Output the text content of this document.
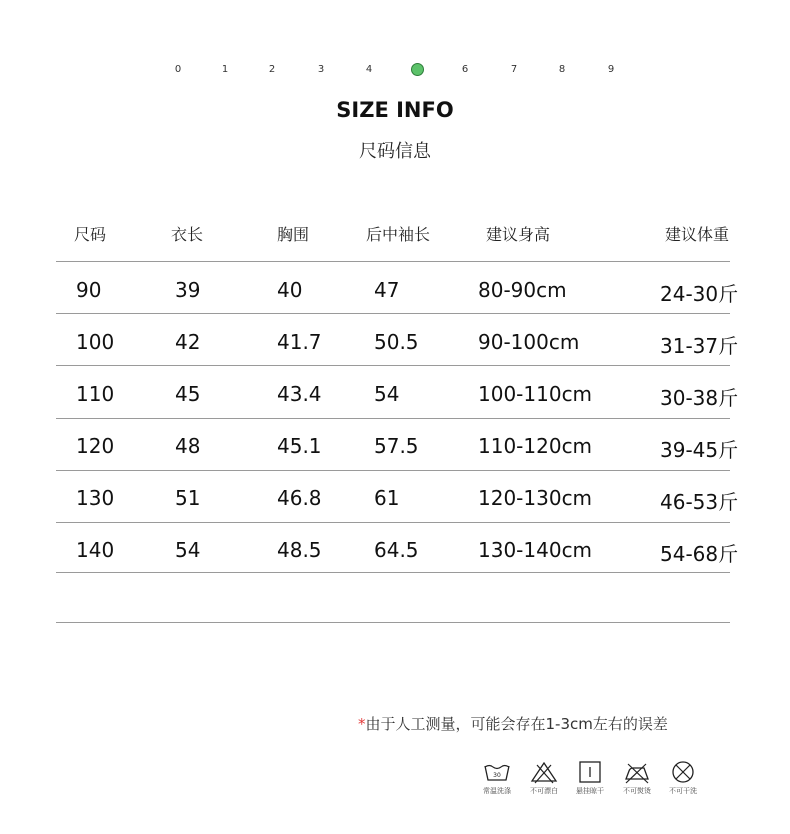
0	1	2	3	4	6	7	8	9
SIZE INFO
尺码信息
尺码	衣长	胸围	后中袖长	建议身高	建议体重
90	39	40	47	80-90cm	24-30斤
100	42	41.7	50.5	90-100cm	31-37斤
110	45	43.4	54	100-110cm	30-38斤
120	48	45.1	57.5	110-120cm	39-45斤
130	51	46.8	61	120-130cm	46-53斤
140	54	48.5	64.5	130-140cm	54-68斤
*由于人工测量，可能会存在1-3cm左右的误差
30
常温洗涤	不可漂白	悬挂晾干	不可熨烫	不可干洗
